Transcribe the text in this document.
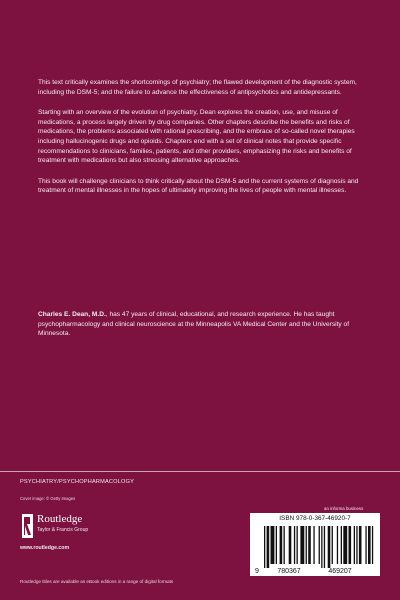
This text critically examines the shortcomings of psychiatry; the flawed development of the diagnostic system, including the DSM-5; and the failure to advance the effectiveness of antipsychotics and antidepressants.

Starting with an overview of the evolution of psychiatry, Dean explores the creation, use, and misuse of medications, a process largely driven by drug companies. Other chapters describe the benefits and risks of medications, the problems associated with rational prescribing, and the embrace of so-called novel therapies including hallucinogenic drugs and opioids. Chapters end with a set of clinical notes that provide specific recommendations to clinicians, families, patients, and other providers, emphasizing the risks and benefits of treatment with medications but also stressing alternative approaches.

This book will challenge clinicians to think critically about the DSM-5 and the current systems of diagnosis and treatment of mental illnesses in the hopes of ultimately improving the lives of people with mental illnesses.

Charles E. Dean, M.D., has 47 years of clinical, educational, and research experience. He has taught psychopharmacology and clinical neuroscience at the Minneapolis VA Medical Center and the University of Minnesota.

PSYCHIATRY/PSYCHOPHARMACOLOGY
Cover image: © Getty Images
Routledge
Taylor & Francis Group
www.routledge.com
Routledge titles are available as eBook editions in a range of digital formats
an informa business
ISBN 978-0-367-46920-7
9	780367	469207
